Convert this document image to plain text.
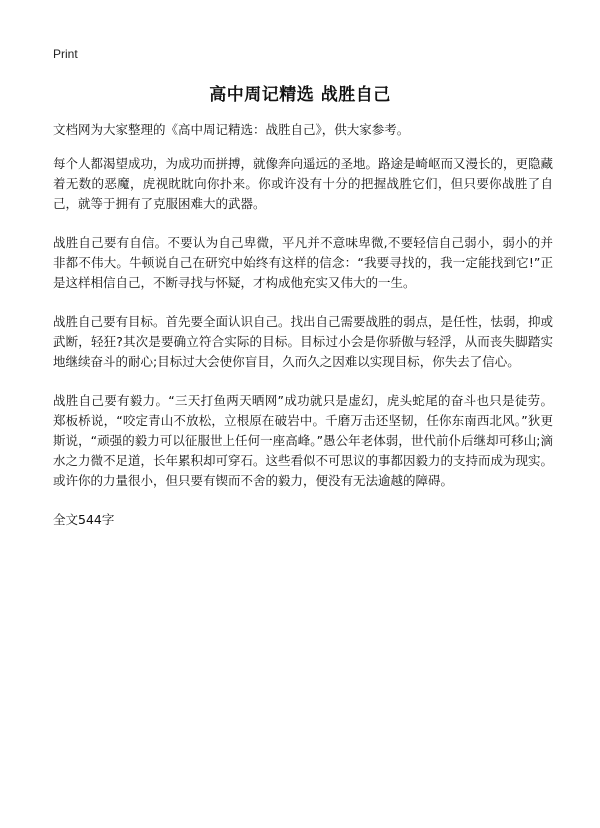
Print
高中周记精选 战胜自己

文档网为大家整理的《高中周记精选：战胜自己》，供大家参考。

每个人都渴望成功，为成功而拼搏，就像奔向遥远的圣地。路途是崎岖而又漫长的，更隐藏着无数的恶魔，虎视眈眈向你扑来。你或许没有十分的把握战胜它们，但只要你战胜了自己，就等于拥有了克服困难大的武器。

战胜自己要有自信。不要认为自己卑微，平凡并不意味卑微,不要轻信自己弱小，弱小的并非都不伟大。牛顿说自己在研究中始终有这样的信念：“我要寻找的，我一定能找到它!”正是这样相信自己，不断寻找与怀疑，才构成他充实又伟大的一生。

战胜自己要有目标。首先要全面认识自己。找出自己需要战胜的弱点，是任性，怯弱，抑或武断，轻狂?其次是要确立符合实际的目标。目标过小会是你骄傲与轻浮，从而丧失脚踏实地继续奋斗的耐心;目标过大会使你盲目，久而久之因难以实现目标，你失去了信心。

战胜自己要有毅力。“三天打鱼两天晒网”成功就只是虚幻，虎头蛇尾的奋斗也只是徒劳。郑板桥说，“咬定青山不放松，立根原在破岩中。千磨万击还坚韧，任你东南西北风。”狄更斯说，“顽强的毅力可以征服世上任何一座高峰。”愚公年老体弱，世代前仆后继却可移山;滴水之力微不足道，长年累积却可穿石。这些看似不可思议的事都因毅力的支持而成为现实。或许你的力量很小，但只要有锲而不舍的毅力，便没有无法逾越的障碍。

全文544字
